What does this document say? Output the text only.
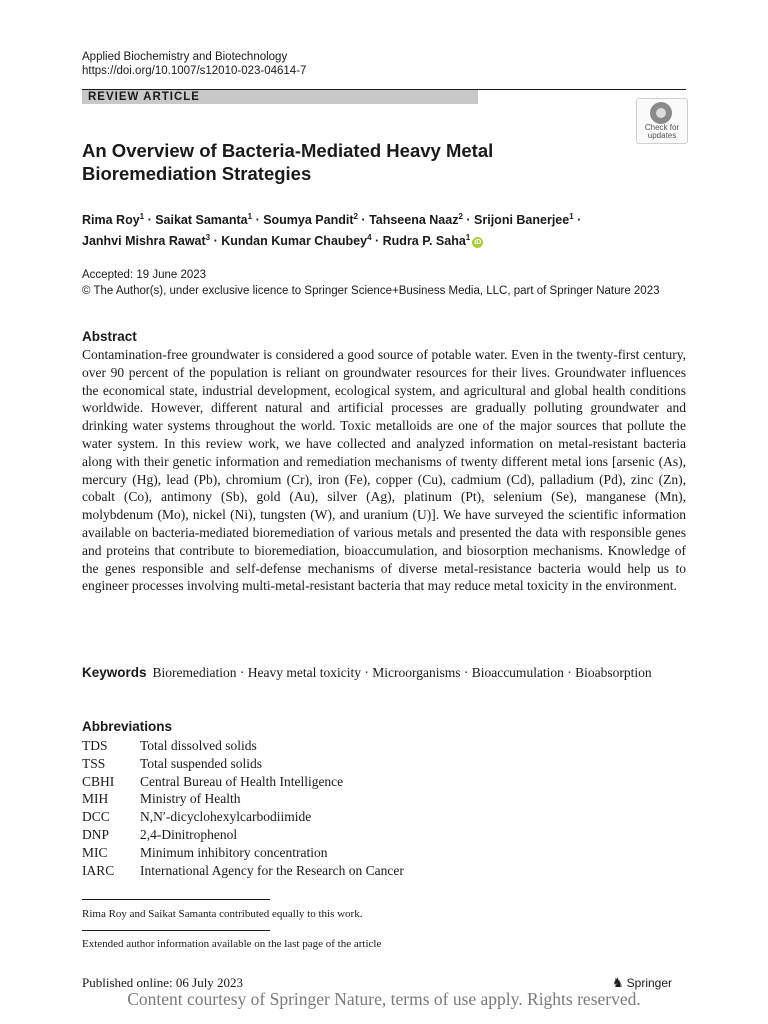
Applied Biochemistry and Biotechnology
https://doi.org/10.1007/s12010-023-04614-7
REVIEW ARTICLE
Check for
updates
An Overview of Bacteria-Mediated Heavy Metal
Bioremediation Strategies
Rima Roy$^1$ · Saikat Samanta$^1$ · Soumya Pandit$^2$ · Tahseena Naaz$^2$ · Srijoni Banerjee$^1$ ·
Janhvi Mishra Rawat$^3$ · Kundan Kumar Chaubey$^4$ · Rudra P. Saha$^1$iD
Accepted: 19 June 2023
© The Author(s), under exclusive licence to Springer Science+Business Media, LLC, part of Springer Nature 2023
Abstract
Contamination-free groundwater is considered a good source of potable water. Even in the twenty-first century, over 90 percent of the population is reliant on groundwater resources for their lives. Groundwater influences the economical state, industrial development, ecological system, and agricultural and global health conditions worldwide. However, different natural and artificial processes are gradually polluting groundwater and drinking water systems throughout the world. Toxic metalloids are one of the major sources that pollute the water system. In this review work, we have collected and analyzed information on metal-resistant bacteria along with their genetic information and remediation mechanisms of twenty different metal ions [arsenic (As), mercury (Hg), lead (Pb), chromium (Cr), iron (Fe), copper (Cu), cadmium (Cd), palladium (Pd), zinc (Zn), cobalt (Co), antimony (Sb), gold (Au), silver (Ag), platinum (Pt), selenium (Se), manganese (Mn), molybdenum (Mo), nickel (Ni), tungsten (W), and uranium (U)]. We have surveyed the scientific information available on bacteria-mediated bioremediation of various metals and presented the data with responsible genes and proteins that contribute to bioremediation, bioaccumulation, and biosorption mechanisms. Knowledge of the genes responsible and self-defense mechanisms of diverse metal-resistance bacteria would help us to engineer processes involving multi-metal-resistant bacteria that may reduce metal toxicity in the environment.
Keywords Bioremediation · Heavy metal toxicity · Microorganisms · Bioaccumulation · Bioabsorption
Abbreviations
TDS	Total dissolved solids
TSS	Total suspended solids
CBHI	Central Bureau of Health Intelligence
MIH	Ministry of Health
DCC	N,N′-dicyclohexylcarbodiimide
DNP	2,4-Dinitrophenol
MIC	Minimum inhibitory concentration
IARC	International Agency for the Research on Cancer
Rima Roy and Saikat Samanta contributed equally to this work.
Extended author information available on the last page of the article
Published online: 06 July 2023	♞ Springer
Content courtesy of Springer Nature, terms of use apply. Rights reserved.
